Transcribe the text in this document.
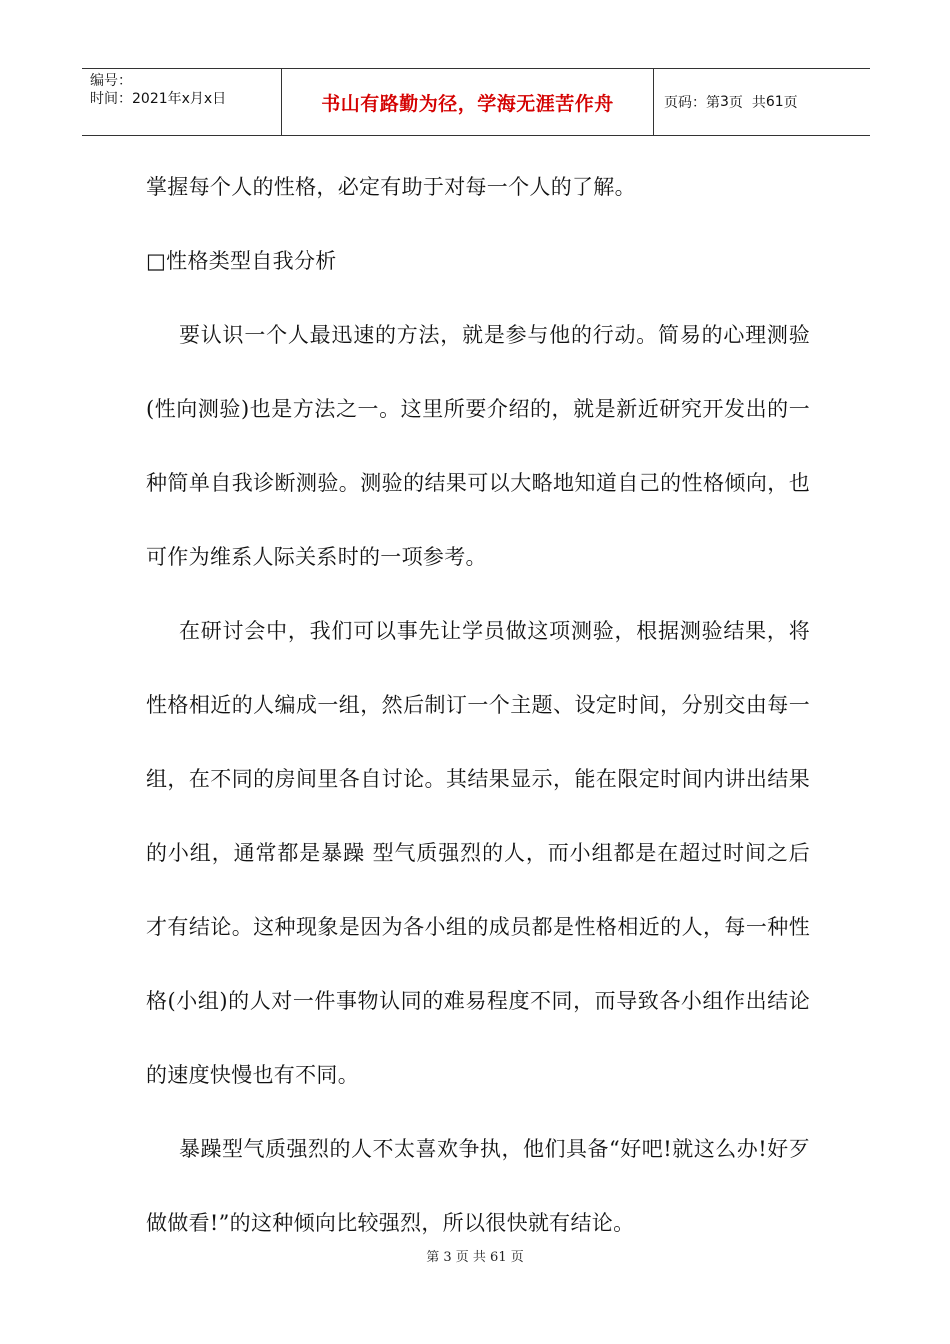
编号：
时间：2021年x月x日	书山有路勤为径，学海无涯苦作舟	页码：第 3 页  共 61 页

掌握每个人的性格，必定有助于对每一个人的了解。

□性格类型自我分析

要认识一个人最迅速的方法，就是参与他的行动。简易的心理测验(性向测验)也是方法之一。这里所要介绍的，就是新近研究开发出的一种简单自我诊断测验。测验的结果可以大略地知道自己的性格倾向，也可作为维系人际关系时的一项参考。

在研讨会中，我们可以事先让学员做这项测验，根据测验结果，将性格相近的人编成一组，然后制订一个主题、设定时间，分别交由每一组，在不同的房间里各自讨论。其结果显示，能在限定时间内讲出结果的小组，通常都是暴躁 型气质强烈的人，而小组都是在超过时间之后才有结论。这种现象是因为各小组的成员都是性格相近的人，每一种性格(小组)的人对一件事物认同的难易程度不同，而导致各小组作出结论的速度快慢也有不同。

暴躁型气质强烈的人不太喜欢争执，他们具备“好吧!就这么办!好歹做做看!”的这种倾向比较强烈，所以很快就有结论。

第 3 页 共 61 页
